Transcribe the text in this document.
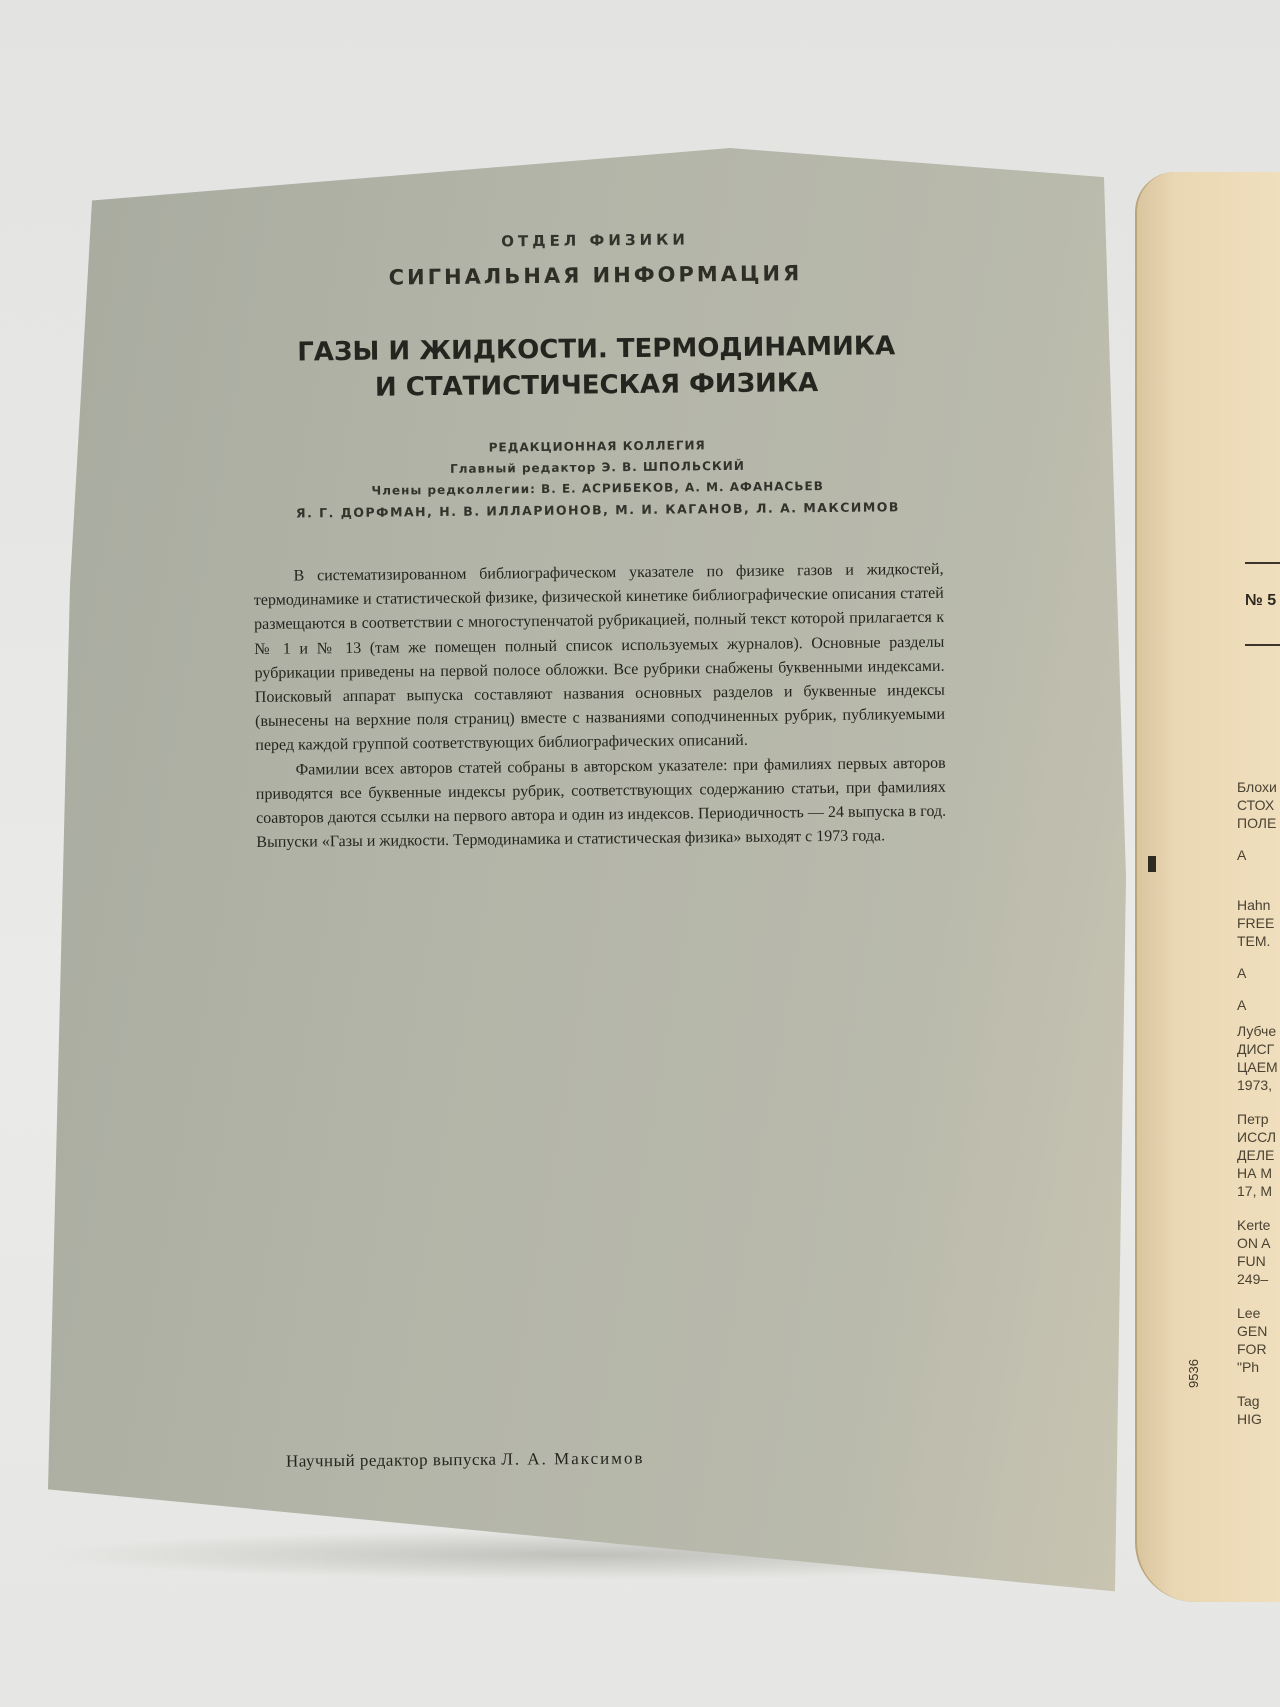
ОТДЕЛ ФИЗИКИ
СИГНАЛЬНАЯ ИНФОРМАЦИЯ
ГАЗЫ И ЖИДКОСТИ. ТЕРМОДИНАМИКА
И СТАТИСТИЧЕСКАЯ ФИЗИКА
РЕДАКЦИОННАЯ КОЛЛЕГИЯ
Главный редактор Э. В. ШПОЛЬСКИЙ
Члены редколлегии: В. Е. АСРИБЕКОВ, А. М. АФАНАСЬЕВ
Я. Г. ДОРФМАН, Н. В. ИЛЛАРИОНОВ, М. И. КАГАНОВ, Л. А. МАКСИМОВ

В систематизированном библиографическом указателе по физике газов и жидкостей, термодинамике и статистической физике, физической кинетике библиографические описания статей размещаются в соответствии с многоступенчатой рубрикацией, полный текст которой прилагается к № 1 и № 13 (там же помещен полный список используемых журналов). Основные разделы рубрикации приведены на первой полосе обложки. Все рубрики снабжены буквенными индексами. Поисковый аппарат выпуска составляют названия основных разделов и буквенные индексы (вынесены на верхние поля страниц) вместе с названиями соподчиненных рубрик, публикуемыми перед каждой группой соответствующих библиографических описаний.

Фамилии всех авторов статей собраны в авторском указателе: при фамилиях первых авторов приводятся все буквенные индексы рубрик, соответствующих содержанию статьи, при фамилиях соавторов даются ссылки на первого автора и один из индексов. Периодичность — 24 выпуска в год. Выпуски «Газы и жидкости. Термодинамика и статистическая физика» выходят с 1973 года.

Научный редактор выпуска Л. А. Максимов
№ 5
9536
Блохи
СТОХ
ПОЛЕ
А
Hahn
FREE
TEM.
А
А
Лубче
ДИСГ
ЦАЕМ
1973,
Петр
ИССЛ
ДЕЛЕ
НА М
17, М
Kerte
ON A
FUN
249–
Lee
GEN
FOR
"Ph
Tag
HIG
